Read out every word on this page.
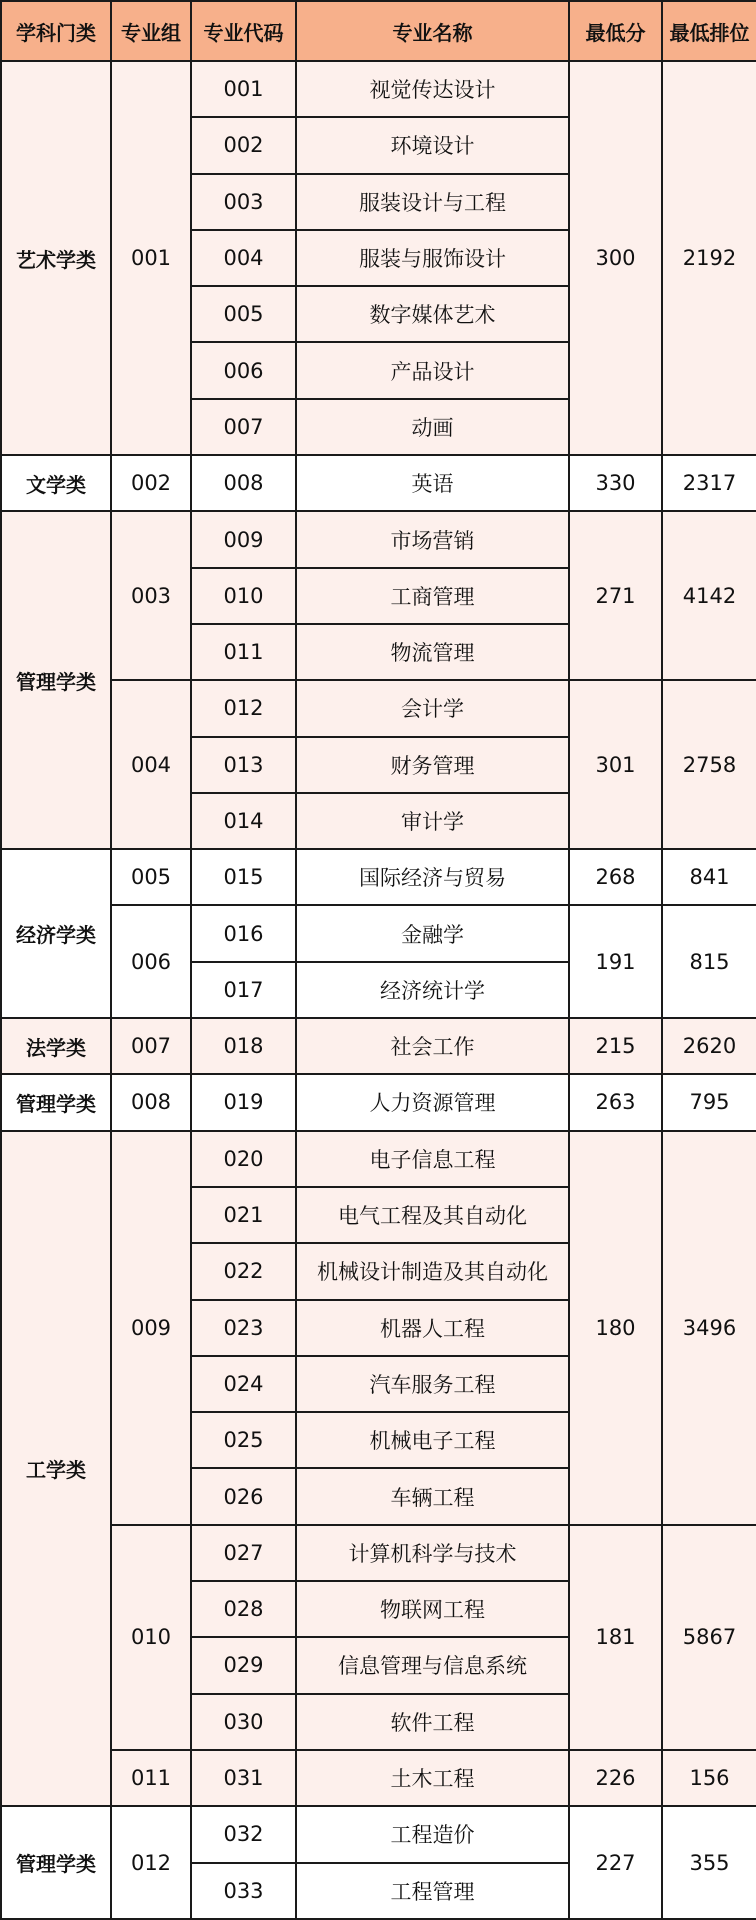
学科门类	专业组	专业代码	专业名称	最低分	最低排位
艺术学类	001	001	视觉传达设计	300	2192
		002	环境设计		
		003	服装设计与工程		
		004	服装与服饰设计		
		005	数字媒体艺术		
		006	产品设计		
		007	动画		
文学类	002	008	英语	330	2317
管理学类	003	009	市场营销	271	4142
		010	工商管理		
		011	物流管理		
	004	012	会计学	301	2758
		013	财务管理		
		014	审计学		
经济学类	005	015	国际经济与贸易	268	841
	006	016	金融学	191	815
		017	经济统计学		
法学类	007	018	社会工作	215	2620
管理学类	008	019	人力资源管理	263	795
工学类	009	020	电子信息工程	180	3496
		021	电气工程及其自动化		
		022	机械设计制造及其自动化		
		023	机器人工程		
		024	汽车服务工程		
		025	机械电子工程		
		026	车辆工程		
	010	027	计算机科学与技术	181	5867
		028	物联网工程		
		029	信息管理与信息系统		
		030	软件工程		
	011	031	土木工程	226	156
管理学类	012	032	工程造价	227	355
		033	工程管理		
